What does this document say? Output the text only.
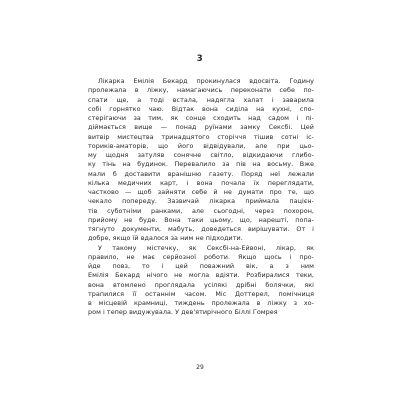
3
Лікарка Емілія Бекард прокинулася вдосвіта. Годину
пролежала в ліжку, намагаючись переконати себе по-
спати ще, а тоді встала, надягла халат і заварила
собі горнятко чаю. Відтак вона сиділа на кухні, спо-
стерігаючи за тим, як сонце сходить над садом і пі-
діймається вище — понад руїнами замку Сексбі. Цей
витвір мистецтва тринадцятого сторіччя тішив сотні іс-
ториків-аматорів, що його відвідували, але при цьо-
му щодня затуляв сонячне світло, відкидаючи глибо-
ку тінь на будинок. Перевалило за пів на восьму. Вже
мали б доставити вранішню газету. Поряд неї лежали
кілька медичних карт, і вона почала їх переглядати,
частково — щоб зайняти себе й не думати про те, що
чекало попереду. Зазвичай лікарка приймала пацієн-
тів суботніми ранками, але сьогодні, через похорон,
прийому не буде. Вона таки цьому, що, нарешті, попа-
тягнуто документи, мабуть, доведеться вирішувати. От і
добре, якщо їй вдалося за ним не підходити.
У такому містечку, як Сексбі-на-Ейвоні, лікар, як
правило, не має серйозної роботи. Якщо щось і про-
йде повз, то і цей поважний вік, а з ним
Емілія Бекард нічого не могла вдіяти. Розбиралися теки,
вона втомлено проглядала усілякі дрібні болячки, які
трапилися її останнім часом. Міс Доттерел, помічниця
в місцевій крамниці, тиждень пролежала в ліжку з хо-
ром і тепер видужувала. У дев'ятирічного Біллі Гомрея
29
